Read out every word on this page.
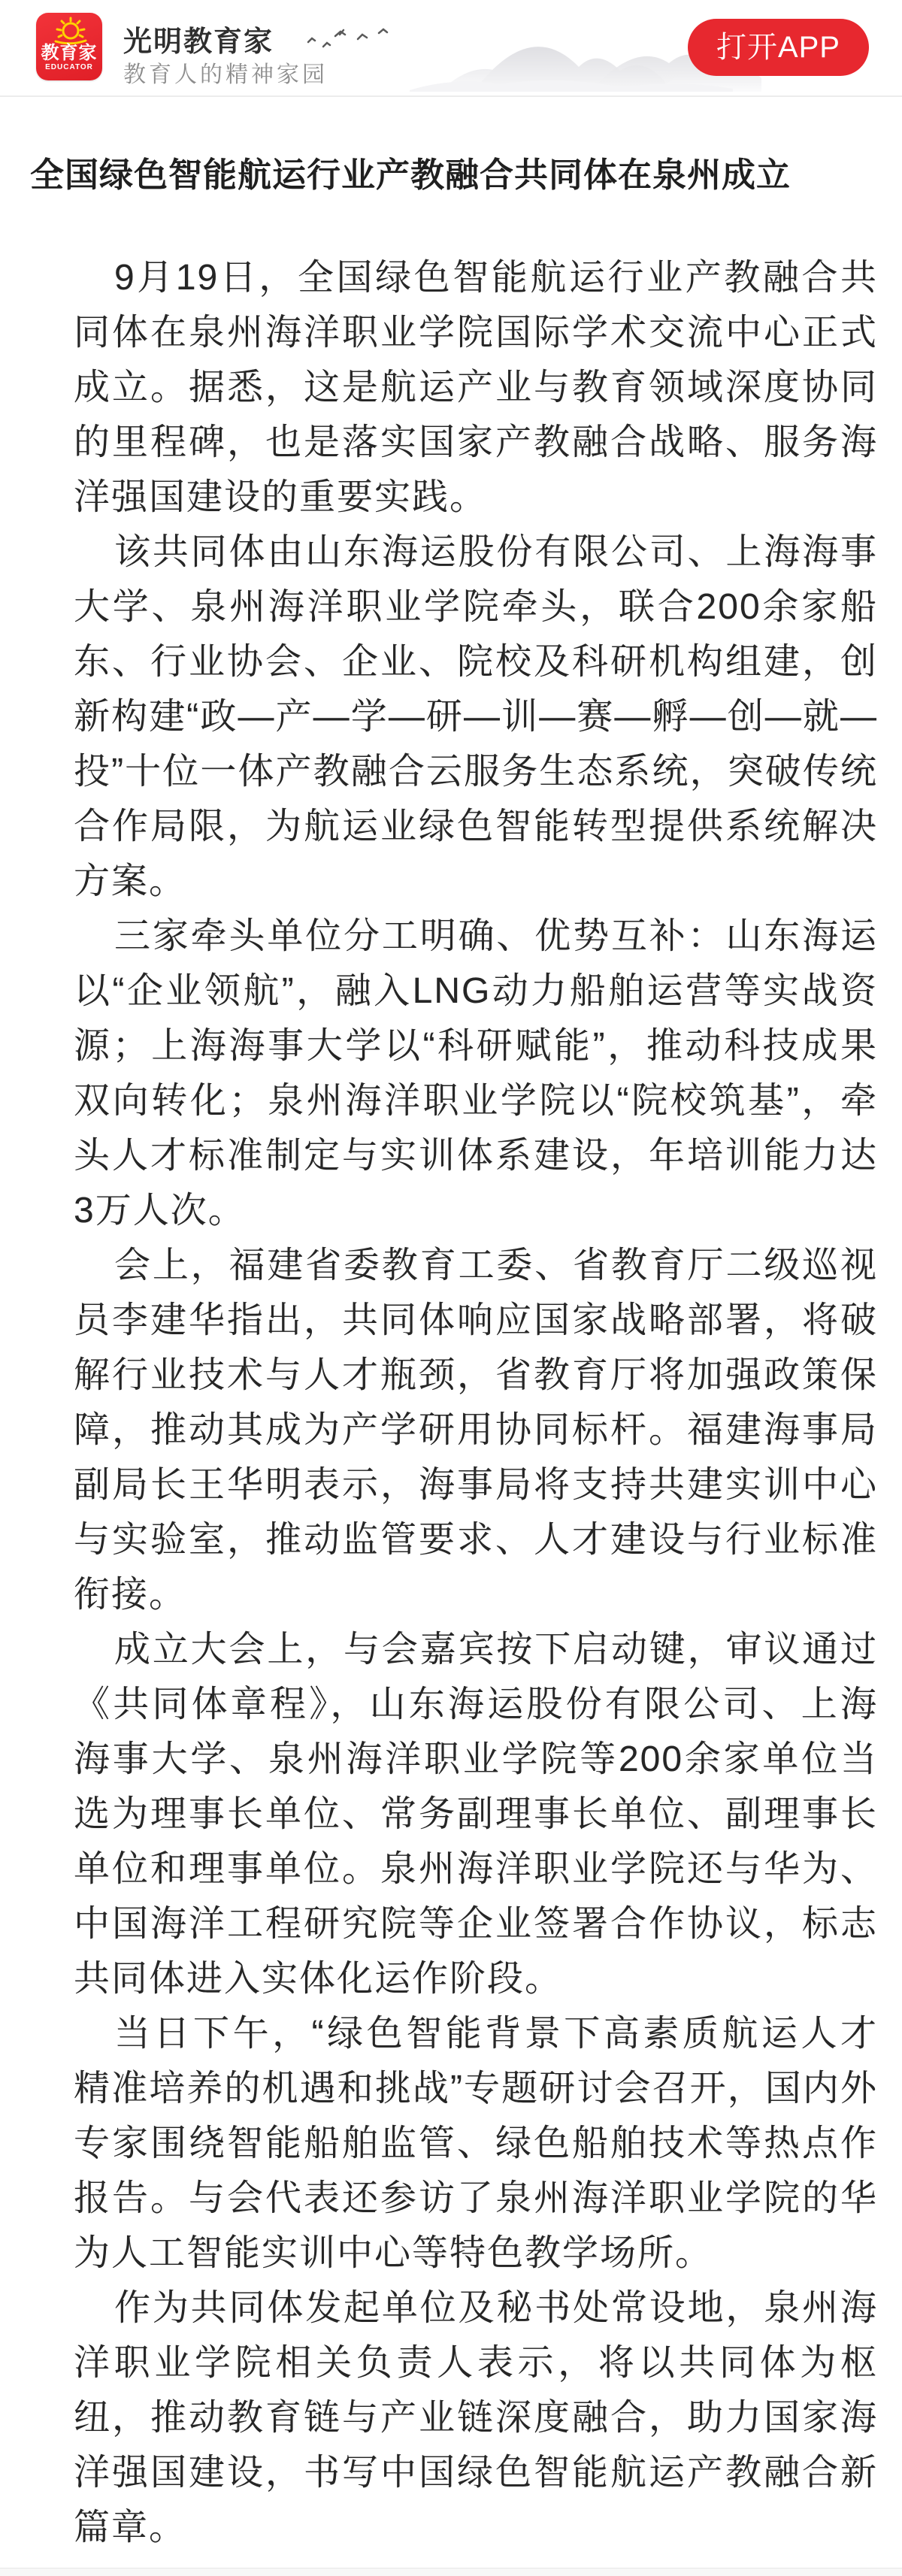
教育家
EDUCATOR
光明教育家
教育人的精神家园
打开APP
全国绿色智能航运行业产教融合共同体在泉州成立

9月19日，全国绿色智能航运行业产教融合共同体在泉州海洋职业学院国际学术交流中心正式成立。据悉，这是航运产业与教育领域深度协同的里程碑，也是落实国家产教融合战略、服务海洋强国建设的重要实践。

该共同体由山东海运股份有限公司、上海海事大学、泉州海洋职业学院牵头，联合200余家船东、行业协会、企业、院校及科研机构组建，创新构建“政—产—学—研—训—赛—孵—创—就—投”十位一体产教融合云服务生态系统，突破传统合作局限，为航运业绿色智能转型提供系统解决方案。

三家牵头单位分工明确、优势互补：山东海运以“企业领航”，融入LNG动力船舶运营等实战资源；上海海事大学以“科研赋能”，推动科技成果双向转化；泉州海洋职业学院以“院校筑基”，牵头人才标准制定与实训体系建设，年培训能力达3万人次。

会上，福建省委教育工委、省教育厅二级巡视员李建华指出，共同体响应国家战略部署，将破解行业技术与人才瓶颈，省教育厅将加强政策保障，推动其成为产学研用协同标杆。福建海事局副局长王华明表示，海事局将支持共建实训中心与实验室，推动监管要求、人才建设与行业标准衔接。

成立大会上，与会嘉宾按下启动键，审议通过《共同体章程》，山东海运股份有限公司、上海海事大学、泉州海洋职业学院等200余家单位当选为理事长单位、常务副理事长单位、副理事长单位和理事单位。泉州海洋职业学院还与华为、中国海洋工程研究院等企业签署合作协议，标志共同体进入实体化运作阶段。

当日下午，“绿色智能背景下高素质航运人才精准培养的机遇和挑战”专题研讨会召开，国内外专家围绕智能船舶监管、绿色船舶技术等热点作报告。与会代表还参访了泉州海洋职业学院的华为人工智能实训中心等特色教学场所。

作为共同体发起单位及秘书处常设地，泉州海洋职业学院相关负责人表示，将以共同体为枢纽，推动教育链与产业链深度融合，助力国家海洋强国建设，书写中国绿色智能航运产教融合新篇章。
